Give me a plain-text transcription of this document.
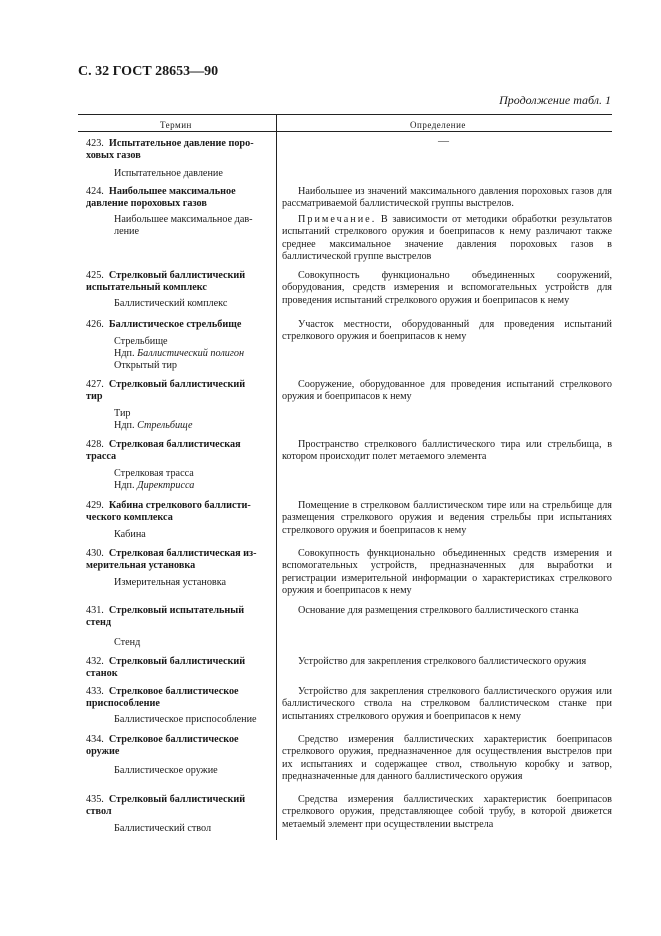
С. 32 ГОСТ 28653—90
Продолжение табл. 1
Термин	Определение
423. Испытательное давление поро-ховых газов
Испытательное давление
—
424. Наибольшее максимальное давление пороховых газов
Наибольшее максимальное дав-ление
Наибольшее из значений максимального давления пороховых газов для рассматриваемой баллистической группы выстрелов.
Примечание. В зависимости от методики обработки результатов испытаний стрелкового оружия и боеприпасов к нему различают также среднее максимальное значение давления пороховых газов в баллистической группе выстрелов
425. Стрелковый баллистический испытательный комплекс
Баллистический комплекс
Совокупность функционально объединенных сооружений, оборудования, средств измерения и вспомогательных устройств для проведения испытаний стрелкового оружия и боеприпасов к нему
426. Баллистическое стрельбище
Стрельбище
Ндп. Баллистический полигон
Открытый тир
Участок местности, оборудованный для проведения испытаний стрелкового оружия и боеприпасов к нему
427. Стрелковый баллистический тир
Тир
Ндп. Стрельбище
Сооружение, оборудованное для проведения испытаний стрелкового оружия и боеприпасов к нему
428. Стрелковая баллистическая трасса
Стрелковая трасса
Ндп. Директрисса
Пространство стрелкового баллистического тира или стрельбища, в котором происходит полет метаемого элемента
429. Кабина стрелкового баллисти-ческого комплекса
Кабина
Помещение в стрелковом баллистическом тире или на стрельбище для размещения стрелкового оружия и ведения стрельбы при испытаниях стрелкового оружия и боеприпасов к нему
430. Стрелковая баллистическая из-мерительная установка
Измерительная установка
Совокупность функционально объединенных средств измерения и вспомогательных устройств, предназначенных для выработки и регистрации измерительной информации о характеристиках стрелкового оружия и боеприпасов к нему
431. Стрелковый испытательный стенд
Стенд
Основание для размещения стрелкового баллистического станка
432. Стрелковый баллистический станок
Устройство для закрепления стрелкового баллистического оружия
433. Стрелковое баллистическое приспособление
Баллистическое приспособление
Устройство для закрепления стрелкового баллистического оружия или баллистического ствола на стрелковом баллистическом станке при испытаниях стрелкового оружия и боеприпасов к нему
434. Стрелковое баллистическое оружие
Баллистическое оружие
Средство измерения баллистических характеристик боеприпасов стрелкового оружия, предназначенное для осуществления выстрелов при их испытаниях и содержащее ствол, ствольную коробку и затвор, предназначенные для данного баллистического оружия
435. Стрелковый баллистический ствол
Баллистический ствол
Средства измерения баллистических характеристик боеприпасов стрелкового оружия, представляющее собой трубу, в которой движется метаемый элемент при осуществлении выстрела
